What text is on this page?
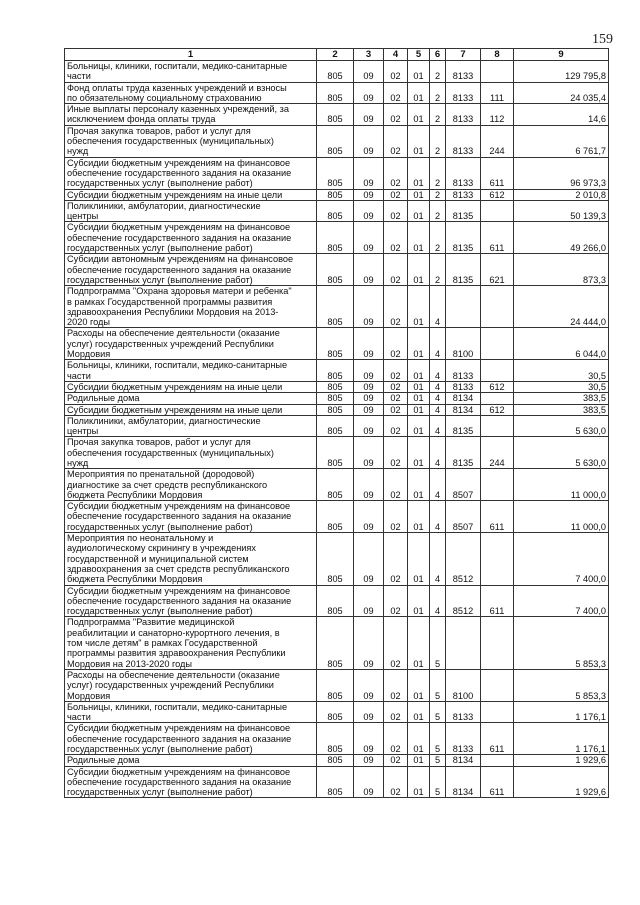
159
1	2	3	4	5	6	7	8	9

Больницы, клиники, госпитали, медико-санитарные
части	805	09	02	01	2	8133		129 795,8

Фонд оплаты труда казенных учреждений и взносы
по обязательному социальному страхованию	805	09	02	01	2	8133	111	24 035,4

Иные выплаты персоналу казенных учреждений, за
исключением фонда оплаты труда	805	09	02	01	2	8133	112	14,6

Прочая закупка товаров, работ и услуг для
обеспечения государственных (муниципальных)
нужд	805	09	02	01	2	8133	244	6 761,7

Субсидии бюджетным учреждениям на финансовое
обеспечение государственного задания на оказание
государственных услуг (выполнение работ)	805	09	02	01	2	8133	611	96 973,3

Субсидии бюджетным учреждениям на иные цели	805	09	02	01	2	8133	612	2 010,8

Поликлиники, амбулатории, диагностические
центры	805	09	02	01	2	8135		50 139,3

Субсидии бюджетным учреждениям на финансовое
обеспечение государственного задания на оказание
государственных услуг (выполнение работ)	805	09	02	01	2	8135	611	49 266,0

Субсидии автономным учреждениям на финансовое
обеспечение государственного задания на оказание
государственных услуг (выполнение работ)	805	09	02	01	2	8135	621	873,3

Подпрограмма "Охрана здоровья матери и ребенка"
в рамках Государственной программы развития
здравоохранения Республики Мордовия на 2013-
2020 годы	805	09	02	01	4			24 444,0

Расходы на обеспечение деятельности (оказание
услуг) государственных учреждений Республики
Мордовия	805	09	02	01	4	8100		6 044,0

Больницы, клиники, госпитали, медико-санитарные
части	805	09	02	01	4	8133		30,5

Субсидии бюджетным учреждениям на иные цели	805	09	02	01	4	8133	612	30,5

Родильные дома	805	09	02	01	4	8134		383,5

Субсидии бюджетным учреждениям на иные цели	805	09	02	01	4	8134	612	383,5

Поликлиники, амбулатории, диагностические
центры	805	09	02	01	4	8135		5 630,0

Прочая закупка товаров, работ и услуг для
обеспечения государственных (муниципальных)
нужд	805	09	02	01	4	8135	244	5 630,0

Мероприятия по пренатальной (дородовой)
диагностике за счет средств республиканского
бюджета Республики Мордовия	805	09	02	01	4	8507		11 000,0

Субсидии бюджетным учреждениям на финансовое
обеспечение государственного задания на оказание
государственных услуг (выполнение работ)	805	09	02	01	4	8507	611	11 000,0

Мероприятия по неонатальному и
аудиологическому скринингу в учреждениях
государственной и муниципальной систем
здравоохранения за счет средств республиканского
бюджета Республики Мордовия	805	09	02	01	4	8512		7 400,0

Субсидии бюджетным учреждениям на финансовое
обеспечение государственного задания на оказание
государственных услуг (выполнение работ)	805	09	02	01	4	8512	611	7 400,0

Подпрограмма "Развитие медицинской
реабилитации и санаторно-курортного лечения, в
том числе детям" в рамках Государственной
программы развития здравоохранения Республики
Мордовия на 2013-2020 годы	805	09	02	01	5			5 853,3

Расходы на обеспечение деятельности (оказание
услуг) государственных учреждений Республики
Мордовия	805	09	02	01	5	8100		5 853,3

Больницы, клиники, госпитали, медико-санитарные
части	805	09	02	01	5	8133		1 176,1

Субсидии бюджетным учреждениям на финансовое
обеспечение государственного задания на оказание
государственных услуг (выполнение работ)	805	09	02	01	5	8133	611	1 176,1

Родильные дома	805	09	02	01	5	8134		1 929,6

Субсидии бюджетным учреждениям на финансовое
обеспечение государственного задания на оказание
государственных услуг (выполнение работ)	805	09	02	01	5	8134	611	1 929,6
